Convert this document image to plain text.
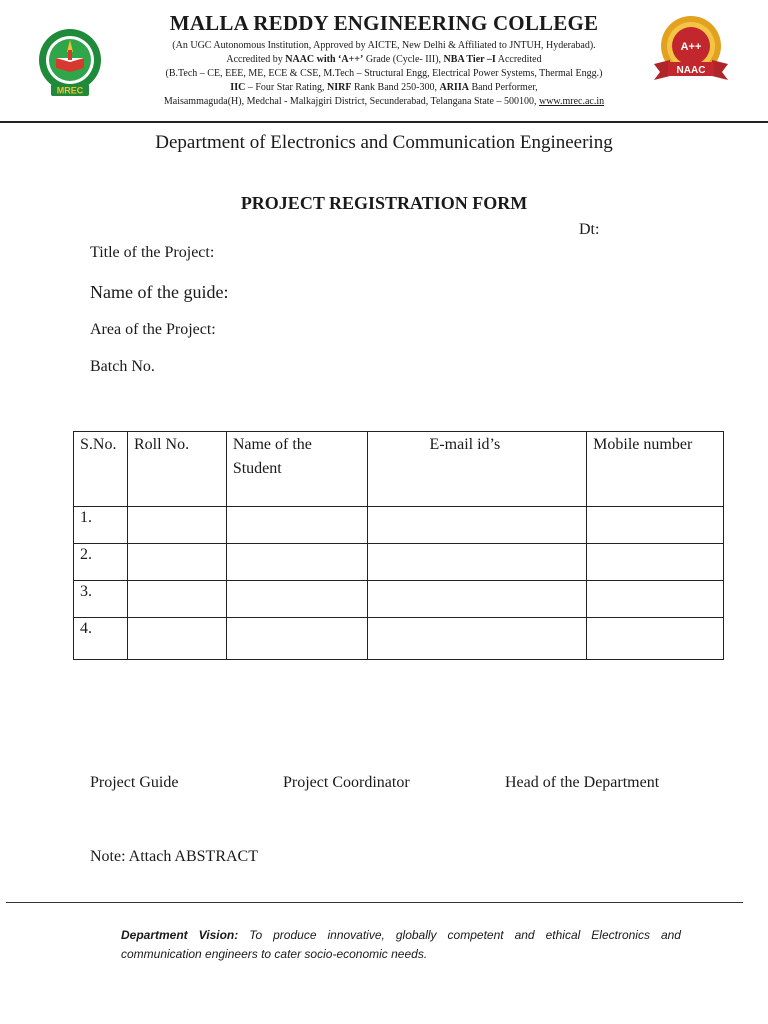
MREC
A++
NAAC
MALLA REDDY ENGINEERING COLLEGE
(An UGC Autonomous Institution, Approved by AICTE, New Delhi & Affiliated to JNTUH, Hyderabad).
Accredited by NAAC with ‘A++’ Grade (Cycle- III), NBA Tier –I Accredited
(B.Tech – CE, EEE, ME, ECE & CSE, M.Tech – Structural Engg, Electrical Power Systems, Thermal Engg.)
IIC – Four Star Rating, NIRF Rank Band 250-300, ARIIA Band Performer,
Maisammaguda(H), Medchal - Malkajgiri District, Secunderabad, Telangana State – 500100, www.mrec.ac.in
Department of Electronics and Communication Engineering
PROJECT REGISTRATION FORM
Dt:
Title of the Project:
Name of the guide:
Area of the Project:
Batch No.
S.No.	Roll No.	Name of the Student	E-mail id’s	Mobile number
1.				
2.				
3.				
4.				
Project Guide	Project Coordinator	Head of the Department
Note: Attach ABSTRACT
Department Vision: To produce innovative, globally competent and ethical Electronics and communication engineers to cater socio-economic needs.
